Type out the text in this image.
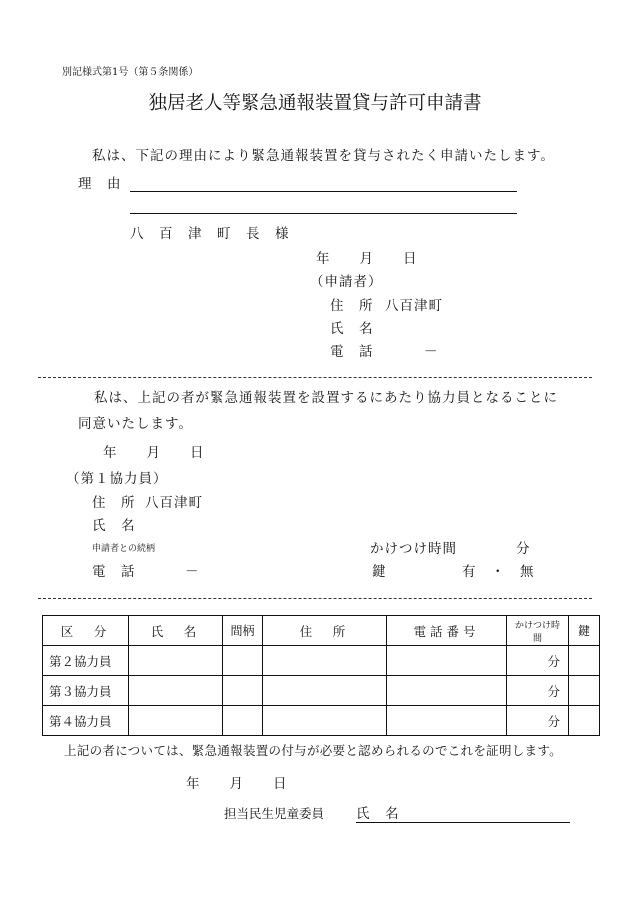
別記様式第1号（第５条関係）
独居老人等緊急通報装置貸与許可申請書
私は、下記の理由により緊急通報装置を貸与されたく申請いたします。
理　由
八　百　津　町　長　様
年　　月　　日
（申請者）
住　所 八百津町
氏　名
電　話	－
私は、上記の者が緊急通報装置を設置するにあたり協力員となることに
同意いたします。
年　　月　　日
（第１協力員）
住　所 八百津町
氏　名
申請者との続柄	かけつけ時間	分
電　話	－	鍵	有　・　無
区　分	氏　名	間柄	住　所	電話番号	かけつけ時間	鍵
第２協力員					分	
第３協力員					分	
第４協力員					分	
上記の者については、緊急通報装置の付与が必要と認められるのでこれを証明します。
年　　月　　日
担当民生児童委員 氏　名
